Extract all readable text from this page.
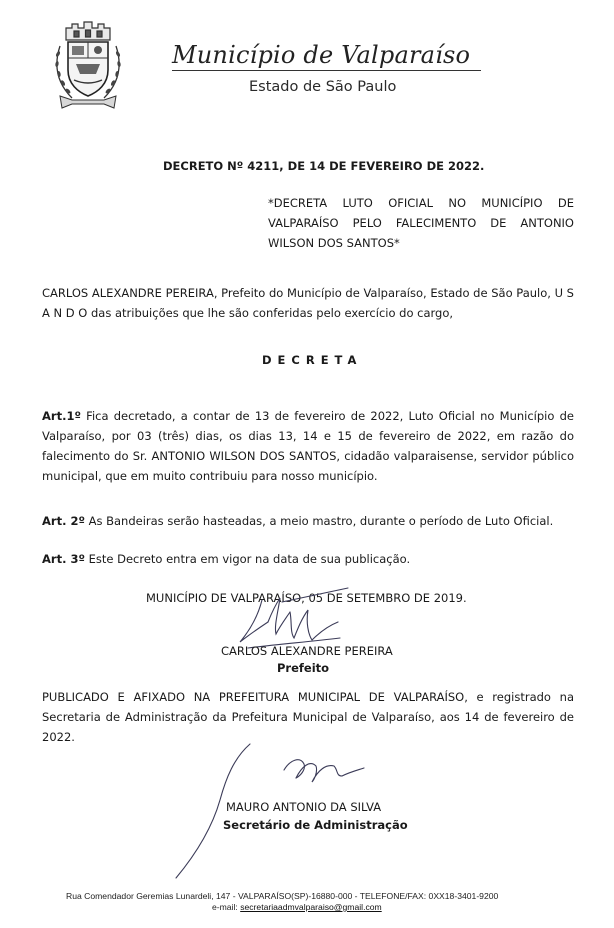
Município de Valparaíso
Estado de São Paulo
DECRETO Nº 4211, DE 14 DE FEVEREIRO DE 2022.
*DECRETA LUTO OFICIAL NO MUNICÍPIO DE VALPARAÍSO PELO FALECIMENTO DE ANTONIO WILSON DOS SANTOS*
CARLOS ALEXANDRE PEREIRA, Prefeito do Município de Valparaíso, Estado de São Paulo, U S A N D O das atribuições que lhe são conferidas pelo exercício do cargo,
DECRETA
Art.1º Fica decretado, a contar de 13 de fevereiro de 2022, Luto Oficial no Município de Valparaíso, por 03 (três) dias, os dias 13, 14 e 15 de fevereiro de 2022, em razão do falecimento do Sr. ANTONIO WILSON DOS SANTOS, cidadão valparaisense, servidor público municipal, que em muito contribuiu para nosso município.
Art. 2º As Bandeiras serão hasteadas, a meio mastro, durante o período de Luto Oficial.
Art. 3º Este Decreto entra em vigor na data de sua publicação.
MUNICÍPIO DE VALPARAÍSO, 05 DE SETEMBRO DE 2019.
CARLOS ALEXANDRE PEREIRA
Prefeito
PUBLICADO E AFIXADO NA PREFEITURA MUNICIPAL DE VALPARAÍSO, e registrado na Secretaria de Administração da Prefeitura Municipal de Valparaíso, aos 14 de fevereiro de 2022.
MAURO ANTONIO DA SILVA
Secretário de Administração
Rua Comendador Geremias Lunardeli, 147 - VALPARAÍSO(SP)-16880-000 - TELEFONE/FAX: 0XX18-3401-9200
e-mail: secretariaadmvalparaiso@gmail.com
